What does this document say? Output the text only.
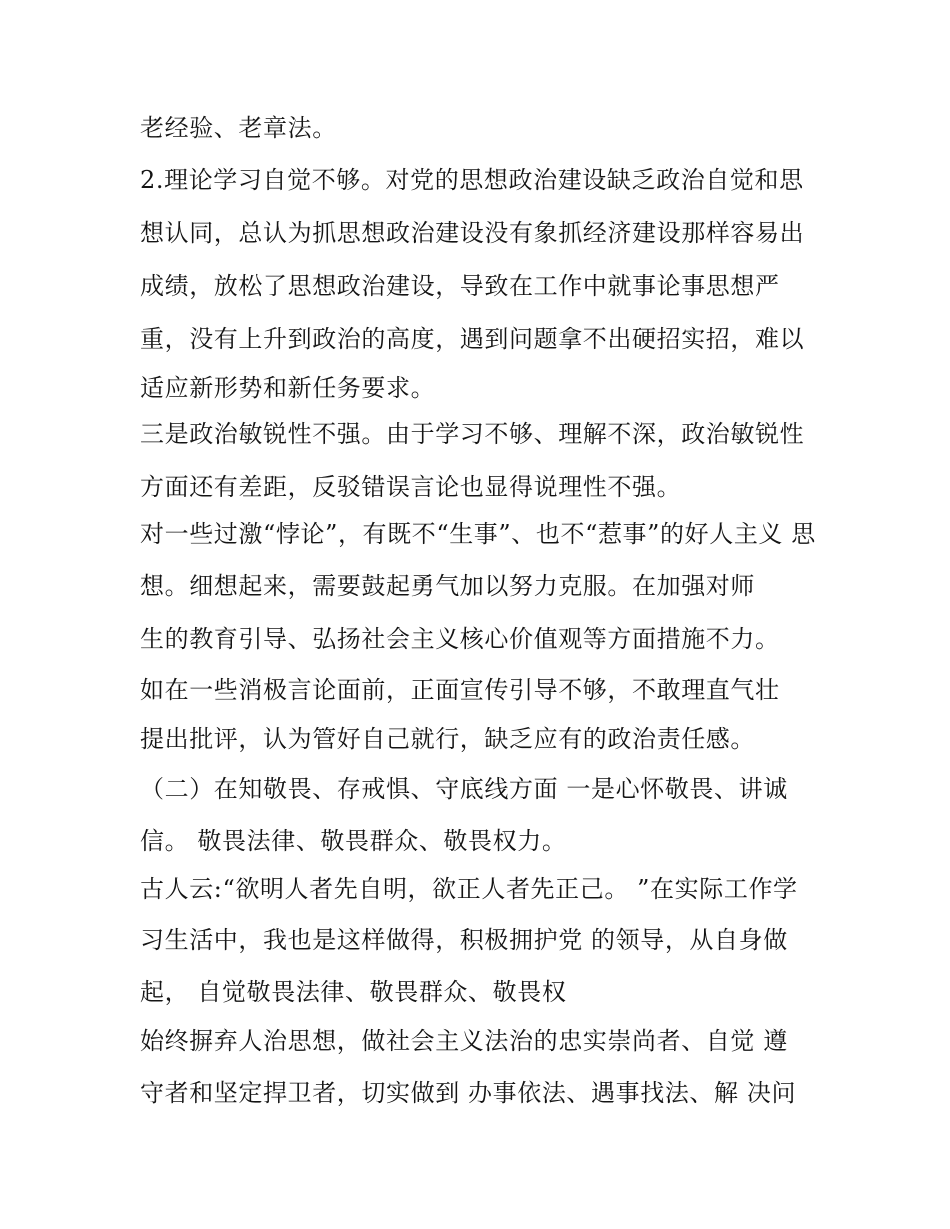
老经验、老章法。
2.理论学习自觉不够。对党的思想政治建设缺乏政治自觉和思
想认同，总认为抓思想政治建设没有象抓经济建设那样容易出
成绩，放松了思想政治建设，导致在工作中就事论事思想严
重，没有上升到政治的高度，遇到问题拿不出硬招实招，难以
适应新形势和新任务要求。
三是政治敏锐性不强。由于学习不够、理解不深，政治敏锐性
方面还有差距，反驳错误言论也显得说理性不强。
对一些过激“悖论”，有既不“生事”、也不“惹事”的好人主义 思
想。细想起来，需要鼓起勇气加以努力克服。在加强对师
生的教育引导、弘扬社会主义核心价值观等方面措施不力。
如在一些消极言论面前，正面宣传引导不够，不敢理直气壮
提出批评，认为管好自己就行，缺乏应有的政治责任感。
（二）在知敬畏、存戒惧、守底线方面 一是心怀敬畏、讲诚
信。 敬畏法律、敬畏群众、敬畏权力。
古人云:“欲明人者先自明，欲正人者先正己。 ”在实际工作学
习生活中，我也是这样做得，积极拥护党 的领导，从自身做
起， 自觉敬畏法律、敬畏群众、敬畏权
始终摒弃人治思想，做社会主义法治的忠实崇尚者、自觉 遵
守者和坚定捍卫者，切实做到 办事依法、遇事找法、解 决问
